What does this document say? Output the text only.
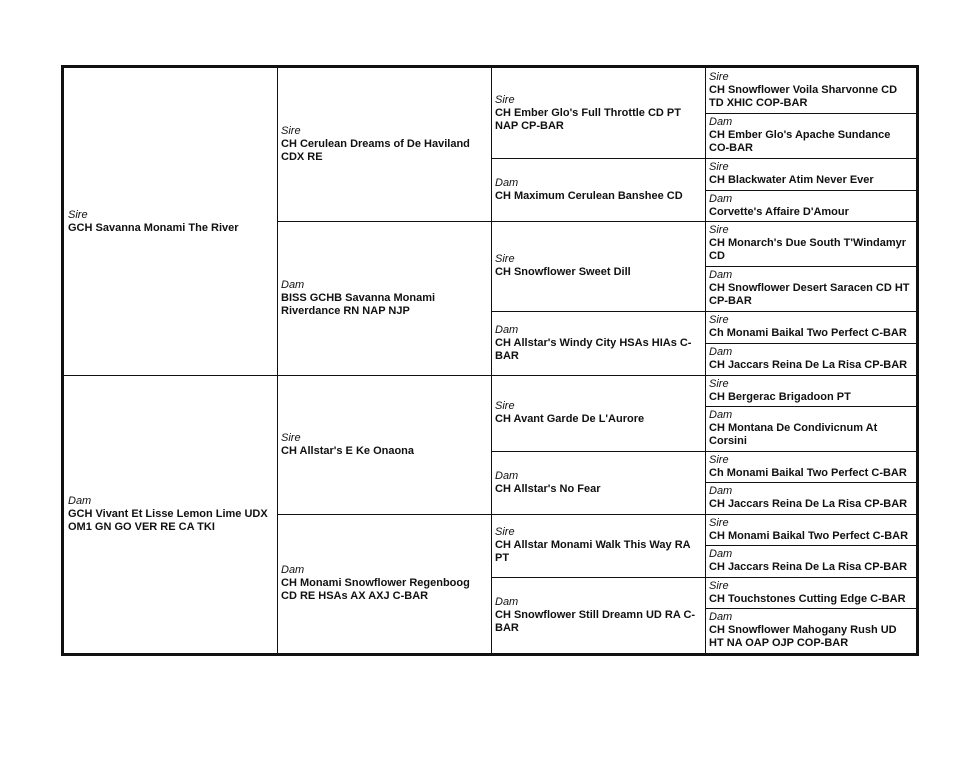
Sire
GCH Savanna Monami The River
Dam
GCH Vivant Et Lisse Lemon Lime UDX OM1 GN GO VER RE CA TKI
Sire
CH Cerulean Dreams of De Haviland CDX RE
Dam
BISS GCHB Savanna Monami Riverdance RN NAP NJP
Sire
CH Allstar's E Ke Onaona
Dam
CH Monami Snowflower Regenboog CD RE HSAs AX AXJ C-BAR
Sire
CH Ember Glo's Full Throttle CD PT NAP CP-BAR
Dam
CH Maximum Cerulean Banshee CD
Sire
CH Snowflower Sweet Dill
Dam
CH Allstar's Windy City HSAs HIAs C-BAR
Sire
CH Avant Garde De L'Aurore
Dam
CH Allstar's No Fear
Sire
CH Allstar Monami Walk This Way RA PT
Dam
CH Snowflower Still Dreamn UD RA C-BAR
Sire
CH Snowflower Voila Sharvonne CD TD XHIC COP-BAR
Dam
CH Ember Glo's Apache Sundance CO-BAR
Sire
CH Blackwater Atim Never Ever
Dam
Corvette's Affaire D'Amour
Sire
CH Monarch's Due South T'Windamyr CD
Dam
CH Snowflower Desert Saracen CD HT CP-BAR
Sire
Ch Monami Baikal Two Perfect C-BAR
Dam
CH Jaccars Reina De La Risa CP-BAR
Sire
CH Bergerac Brigadoon PT
Dam
CH Montana De Condivicnum At Corsini
Sire
Ch Monami Baikal Two Perfect C-BAR
Dam
CH Jaccars Reina De La Risa CP-BAR
Sire
CH Monami Baikal Two Perfect C-BAR
Dam
CH Jaccars Reina De La Risa CP-BAR
Sire
CH Touchstones Cutting Edge C-BAR
Dam
CH Snowflower Mahogany Rush UD HT NA OAP OJP COP-BAR
